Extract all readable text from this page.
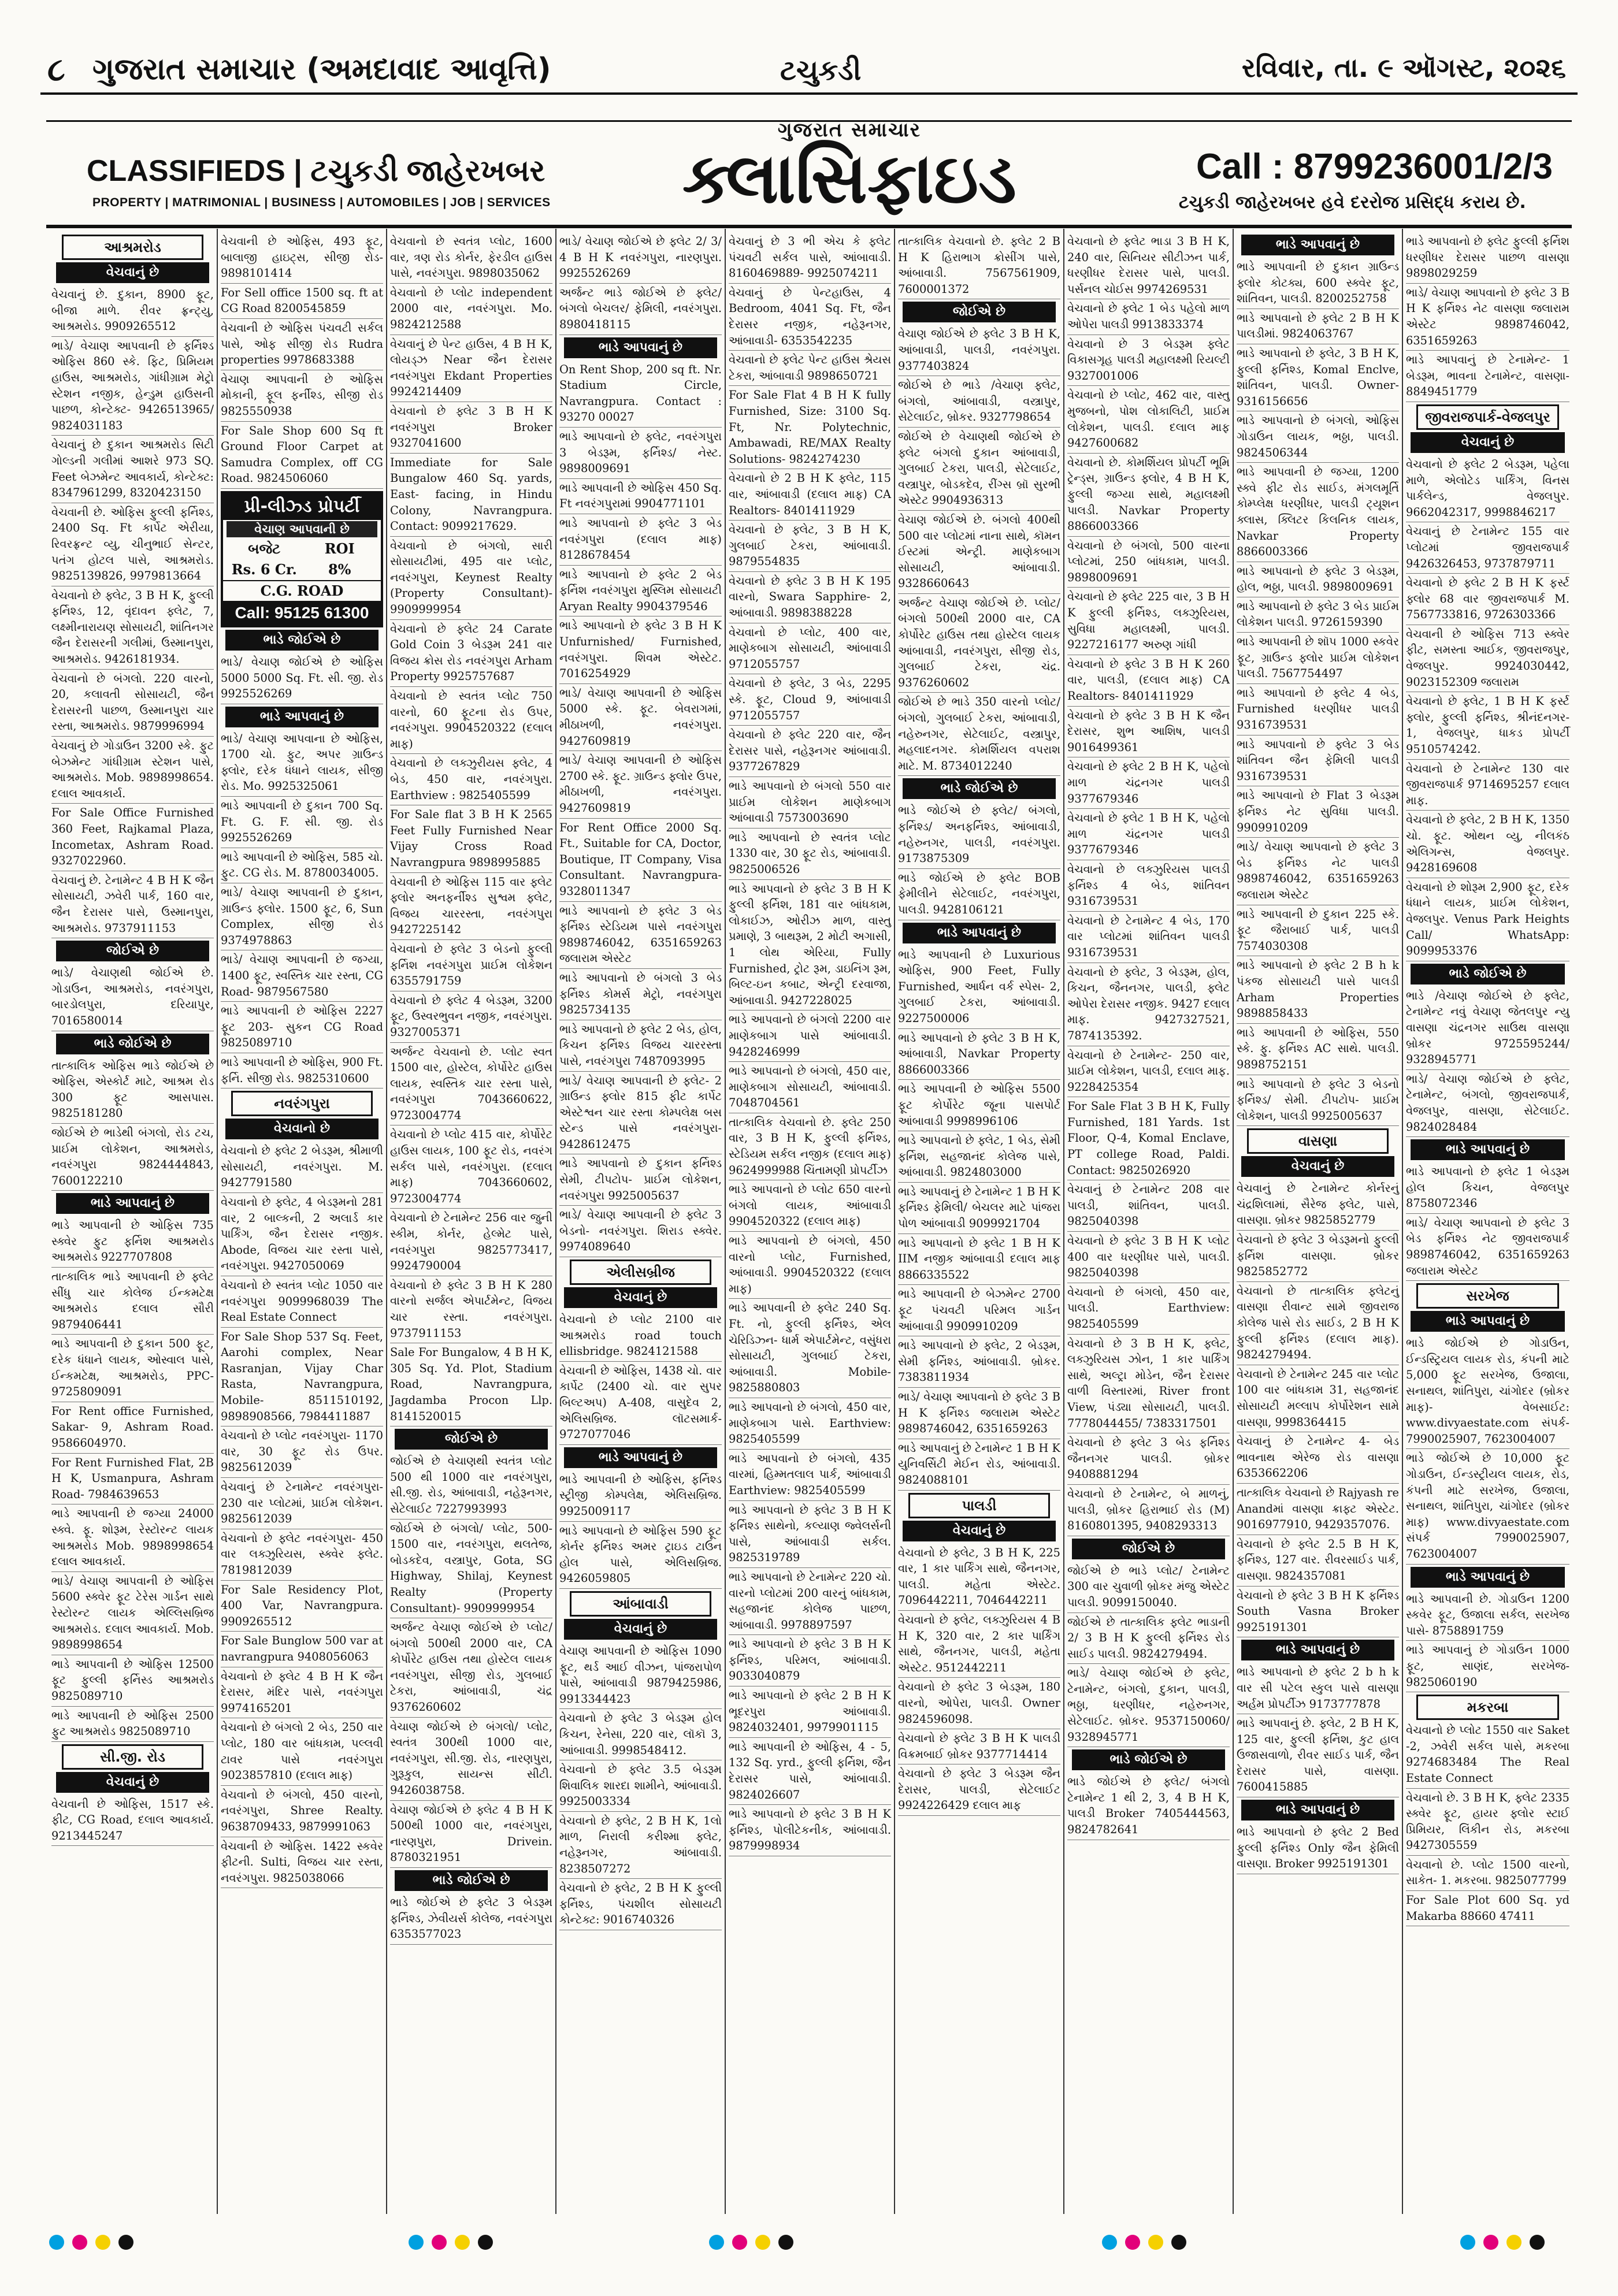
૮ ગુજરાત સમાચાર (અમદાવાદ આવૃત્તિ)	ટચુકડી	રવિવાર, તા. ૯ ઑગસ્ટ, ૨૦૨૬
CLASSIFIEDS | ટચુકડી જાહેરખબર
PROPERTY | MATRIMONIAL | BUSINESS | AUTOMOBILES | JOB | SERVICES
ગુજરાત સમાચાર
ક્લાસિફાઇડ	Call : 8799236001/2/3
ટચુકડી જાહેરખબર હવે દરરોજ પ્રસિદ્ધ કરાય છે.
આશ્રમરોડ
વેચવાનું છે
વેચવાનું છે. દુકાન, 8900 ફૂટ, બીજા માળે. રીવર ફ્રન્ટ્યુ, આશ્રમરોડ. 9909265512
ભાડે/ વેચાણ આપવાની છે ફર્નિશ્ડ ઓફિસ 860 સ્કે. ફિટ, પ્રિમિયમ હાઉસ, આશ્રમરોડ, ગાંધીગ્રામ મેટ્રો સ્ટેશન નજીક, હેન્ડુમ હાઉસની પાછળ, કોન્ટેક્ટ- 9426513965/ 9824031183
વેચવાનું છે દુકાન આશ્રમરોડ સિટી ગોલ્ડની ગલીમાં આશરે 973 SQ. Feet બેઝમેન્ટ આવકાર્ય, કોન્ટેક્ટ: 8347961299, 8320423150
વેચવાની છે. ઓફિસ ફુલ્લી ફર્નિશ્ડ, 2400 Sq. Ft કાર્પેટ એરીયા, રિવરફ્રન્ટ વ્યુ, ચીનુભાઈ સેન્ટર, પતંગ હોટલ પાસે, આશ્રમરોડ. 9825139826, 9979813664
વેચવાનો છે ફ્લેટ, 3 B H K, ફુલ્લી ફર્નિશ્ડ, 12, વૃંદાવન ફ્લેટ, 7, લક્ષ્મીનારાયણ સોસાયટી, શાંતિનગર જૈન દેરાસરની ગલીમાં, ઉસ્માનપુરા, આશ્રમરોડ. 9426181934.
વેચવાનો છે બંગલો. 220 વારનો, 20, કલાવતી સોસાયટી, જૈન દેરાસરની પાછળ, ઉસ્માનપુરા ચાર રસ્તા, આશ્રમરોડ. 9879996994
વેચવાનું છે ગોડાઉન 3200 સ્કે. ફુટ બેઝમેન્ટ ગાંધીગ્રામ સ્ટેશન પાસે, આશ્રમરોડ. Mob. 9898998654. દલાલ આવકાર્ય.
For Sale Office Furnished 360 Feet, Rajkamal Plaza, Incometax, Ashram Road. 9327022960.
વેચવાનું છે. ટેનામેન્ટ 4 B H K જૈન સોસાયટી, ઝવેરી પાર્ક, 160 વાર, જૈન દેરાસર પાસે, ઉસ્માનપુરા, આશ્રમરોડ. 9737911153
જોઈએ છે
ભાડે/ વેચાણથી જોઈએ છે. ગોડાઉન, આશ્રમરોડ, નવરંગપુરા, બારડોલપુરા, દરિયાપુર, 7016580014
ભાડે જોઈએ છે
તાત્કાલિક ઓફિસ ભાડે જોઈએ છે ઓફિસ, એસ્કોર્ટ માટે, આશ્રમ રોડ 300 ફૂટ આસપાસ. 9825181280
જોઈએ છે ભાડેથી બંગલો, રોડ ટચ, પ્રાઈમ લોકેશન, આશ્રમરોડ, નવરંગપુરા 9824444843, 7600122210
ભાડે આપવાનું છે
ભાડે આપવાની છે ઓફિસ 735 સ્ક્વેર ફુટ ફર્નિશ આશ્રમરોડ આશ્રમરોડ 9227707808
તાત્કાલિક ભાડે આપવાની છે ફ્લેટ સીંધુ ચાર કોલેજ ઈન્કમટેક્ષ આશ્રમરોડ દલાલ સૌરી 9879406441
ભાડે આપવાની છે દુકાન 500 ફૂટ, દરેક ધંધાને લાયક, ઓસ્વાલ પાસે, ઈન્કમટેક્ષ, આશ્રમરોડ, PPC- 9725809091
For Rent office Furnished, Sakar- 9, Ashram Road. 9586604970.
For Rent Furnished Flat, 2B H K, Usmanpura, Ashram Road- 7984639653
ભાડે આપવાની છે જગ્યા 24000 સ્ક્વે. ફૂ. શોરૂમ, રેસ્ટોરન્ટ લાયક આશ્રમરોડ Mob. 9898998654 દલાલ આવકાર્ય.
ભાડે/ વેચાણ આપવાની છે ઓફિસ 5600 સ્ક્વેર ફૂટ ટેરેસ ગાર્ડન સાથે રેસ્ટોરન્ટ લાયક એલ્લિસબ્રિજ આશ્રમરોડ. દલાલ આવકાર્ય. Mob. 9898998654
ભાડે આપવાની છે ઓફિસ 12500 ફૂટ ફુલ્લી ફર્નિસ્ડ આશ્રમરોડ 9825089710
ભાડે આપવાની છે ઓફિસ 2500 ફુટ આશ્રમરોડ 9825089710
સી.જી. રોડ
વેચવાનું છે
વેચવાની છે ઓફિસ, 1517 સ્કે. ફીટ, CG Road, દલાલ આવકાર્ય. 9213445247
વેચવાની છે ઓફિસ, 493 ફૂટ, બાલાજી હાઇટ્સ, સીજી રોડ- 9898101414
For Sell office 1500 sq. ft at CG Road 8200545859
વેચવાની છે ઓફિસ પંચવટી સર્કલ પાસે, ઓફ સીજી રોડ Rudra properties 9978683388
વેચાણ આપવાની છે ઓફિસ મોકાની, ફૂલ ફર્નીશ્ડ, સીજી રોડ 9825550938
For Sale Shop 600 Sq ft Ground Floor Carpet at Samudra Complex, off CG Road. 9824506060
પ્રી-લીઝ્ડ પ્રોપર્ટી
વેચાણ આપવાની છે
બજેટ	ROI
Rs. 6 Cr.	8%
C.G. ROAD
Call: 95125 61300
ભાડે જોઈએ છે
ભાડે/ વેચાણ જોઈએ છે ઓફિસ 5000 5000 Sq. Ft. સી. જી. રોડ 9925526269
ભાડે આપવાનું છે
ભાડે/ વેચાણ આપવાના છે ઓફિસ, 1700 ચો. ફુટ, અપર ગ્રાઉન્ડ ફ્લોર, દરેક ધંધાને લાયક, સીજી રોડ. Mo. 9925325061
ભાડે આપવાની છે દુકાન 700 Sq. Ft. G. F. સી. જી. રોડ 9925526269
ભાડે આપવાની છે ઓફિસ, 585 ચો. ફુટ. CG રોડ. M. 8780034005.
ભાડે/ વેચાણ આપવાની છે દુકાન, ગ્રાઉન્ડ ફ્લોર. 1500 ફૂટ, 6, Sun Complex, સીજી રોડ 9374978863
ભાડે/ વેચાણ આપવાની છે જગ્યા, 1400 ફૂટ, સ્વસ્તિક ચાર રસ્તા, CG Road- 9879567580
ભાડે આપવાની છે ઓફિસ 2227 ફૂટ 203- સુકન CG Road 9825089710
ભાડે આપવાની છે ઓફિસ, 900 Ft. ફર્નિ. સીજી રોડ. 9825310600
નવરંગપુરા
વેચવાનો છે
વેચવાનો છે ફ્લેટ 2 બેડરૂમ, શ્રીમાળી સોસાયટી, નવરંગપુરા. M. 9427791580
વેચવાનો છે ફ્લેટ, 4 બેડરૂમનો 281 વાર, 2 બાલ્કની, 2 અલાર્ડ કાર પાર્કિંગ, જૈન દેરાસર નજીક. Abode, વિજય ચાર રસ્તા પાસે, નવરંગપુરા. 9427050069
વેચવાનો છે સ્વતંત્ર પ્લોટ 1050 વાર નવરંગપુરા 9099968039 The Real Estate Connect
For Sale Shop 537 Sq. Feet, Aarohi complex, Near Rasranjan, Vijay Char Rasta, Navrangpura, Mobile- 8511510192, 9898908566, 7984411887
વેચવાનો છે પ્લોટ નવરંગપુરા- 1170 વાર, 30 ફૂટ રોડ ઉપર. 9825612039
વેચવાનું છે ટેનામેન્ટ નવરંગપુરા- 230 વાર પ્લોટમાં, પ્રાઈમ લોકેશન. 9825612039
વેચવાનો છે ફ્લેટ નવરંગપુરા- 450 વાર લક્ઝુરિયસ, સ્ક્વેર ફ્લેટ. 7819812039
For Sale Residency Plot, 400 Var, Navrangpura. 9909265512
For Sale Bunglow 500 var at navrangpura 9408056063
વેચવાનો છે ફ્લેટ 4 B H K જૈન દેરાસર, મંદિર પાસે, નવરંગપુરા 9974165201
વેચવાનો છે બંગલો 2 બેડ, 250 વાર પ્લોટ, 180 વાર બાંધકામ, પલ્લવી ટાવર પાસે નવરંગપુરા 9023857810 (દલાલ માફ)
વેચવાનો છે બંગલો, 450 વારનો, નવરંગપુરા, Shree Realty. 9638709433, 9879991063
વેચવાની છે ઓફિસ. 1422 સ્કવેર ફીટની. Sulti, વિજય ચાર રસ્તા, નવરંગપુરા. 9825038066
વેચવાનો છે સ્વતંત્ર પ્લોટ, 1600 વાર, ત્રણ રોડ કોર્નર, ફેરડીલ હાઉસ પાસે, નવરંગપુરા. 9898035062
વેચવાનો છે પ્લોટ independent 2000 વાર, નવરંગપુરા. Mo. 9824212588
વેચવાનું છે પેન્ટ હાઉસ, 4 B H K, લોયડ્ઝ Near જૈન દેરાસર નવરંગપુરા Ekdant Properties 9924214409
વેચવાનો છે ફ્લેટ 3 B H K નવરંગપુરા Broker 9327041600
Immediate for Sale Bungalow 460 Sq. yards, East- facing, in Hindu Colony, Navrangpura. Contact: 9099217629.
વેચવાનો છે બંગલો, સારી સોસાયટીમાં, 495 વાર પ્લોટ, નવરંગપુરા, Keynest Realty (Property Consultant)- 9909999954
વેચવાનો છે ફ્લેટ 24 Carate Gold Coin 3 બેડરૂમ 241 વાર વિજય ક્રોસ રોડ નવરંગપુરા Arham Property 9925757687
વેચવાનો છે સ્વતંત્ર પ્લોટ 750 વારનો, 60 ફૂટના રોડ ઉપર, નવરંગપુરા. 9904520322 (દલાલ માફ)
વેચવાનો છે લક્ઝુરીયસ ફ્લેટ, 4 બેડ, 450 વાર, નવરંગપુરા. Earthview : 9825405599
For Sale flat 3 B H K 2565 Feet Fully Furnished Near Vijay Cross Road Navrangpura 9898995885
વેચવાની છે ઓફિસ 115 વાર ફ્લેટ ફ્લોર અનફર્નીશ્ડ સુશ્વમ ફ્લેટ, વિજય ચારરસ્તા, નવરંગપુરા 9427225142
વેચવાનો છે ફ્લેટ 3 બેડનો ફુલ્લી ફર્નિશ નવરંગપુરા પ્રાઈમ લોકેશન 6355791759
વેચવાનો છે ફ્લેટ 4 બેડરૂમ, 3200 ફૂટ, ઉસ્વરભુવન નજીક, નવરંગપુરા. 9327005371
અર્જન્ટ વેચવાનો છે. પ્લોટ સ્વત 1500 વાર, હોસ્ટેલ, કોર્પોરેટ હાઉસ લાયક, સ્વસ્તિક ચાર રસ્તા પાસે, નવરંગપુરા 7043660622, 9723004774
વેચવાનો છે પ્લોટ 415 વાર, કોર્પોરેટ હાઉસ લાયક, 100 ફૂટ રોડ, નવરંગ સર્કલ પાસે, નવરંગપુરા. (દલાલ માફ) 7043660602, 9723004774
વેચવાનો છે ટેનામેન્ટ 256 વાર જુની સ્કીમ, કોર્નર, હેલ્મેટ પાસે, નવરંગપુરા 9825773417, 9924790004
વેચવાનો છે ફ્લેટ 3 B H K 280 વારનો સર્જલ એપાર્ટમેન્ટ, વિજય ચાર રસ્તા. નવરંગપુરા. 9737911153
Sale For Bungalow, 4 B H K, 305 Sq. Yd. Plot, Stadium Road, Navrangpura, Jagdamba Procon Llp. 8141520015
જોઈએ છે
જોઈએ છે વેચાણથી સ્વતંત્ર પ્લોટ 500 થી 1000 વાર નવરંગપુરા, સી.જી. રોડ, આંબાવાડી, નહેરૂનગર, સેટેલાઈટ 7227993993
જોઈએ છે બંગલો/ પ્લોટ, 500- 1500 વાર, નવરંગપુરા, થલતેજ, બોડકદેવ, વસ્ત્રાપુર, Gota, SG Highway, Shilaj, Keynest Realty (Property Consultant)- 9909999954
અર્જન્ટ વેચાણ જોઈએ છે પ્લોટ/ બંગલો 500થી 2000 વાર, CA કોર્પોરેટ હાઉસ તથા હોસ્ટેલ લાયક નવરંગપુરા, સીજી રોડ, ગુલબાઈ ટેકરા, આંબાવાડી, ચંદ્ર 9376260602
વેચાણ જોઈએ છે બંગલો/ પ્લોટ, સ્વતંત્ર 300થી 1000 વાર, નવરંગપુરા, સી.જી. રોડ, નારણપુરા, ગુરૂકુલ, સાયન્સ સીટી. 9426038758.
વેચાણ જોઈએ છે ફ્લેટ 4 B H K 500થી 1000 વાર, નવરંગપુરા, નારણપુરા, Drivein. 8780321951
ભાડે જોઈએ છે
ભાડે જોઈએ છે ફ્લેટ 3 બેડરૂમ ફર્નિશ્ડ, ઝેવીયર્સ કોલેજ, નવરંગપુરા 6353577023
ભાડે/ વેચાણ જોઈએ છે ફ્લેટ 2/ 3/ 4 B H K નવરંગપુરા, નારણપુરા. 9925526269
અર્જન્ટ ભાડે જોઈએ છે ફ્લેટ/ બંગલો બેચલર/ ફેમિલી, નવરંગપુરા. 8980418115
ભાડે આપવાનું છે
On Rent Shop, 200 sq ft. Nr. Stadium Circle, Navrangpura. Contact : 93270 00027
ભાડે આપવાનો છે ફ્લેટ, નવરંગપુરા 3 બેડરૂમ, ફર્નિશ્ડ/ નેસ્ટ. 9898009691
ભાડે આપવાની છે ઓફિસ 450 Sq. Ft નવરંગપુરામાં 9904771101
ભાડે આપવાનો છે ફ્લેટ 3 બેડ નવરંગપુરા (દલાલ માફ) 8128678454
ભાડે આપવાનો છે ફ્લેટ 2 બેડ ફર્નિશ નવરંગપુરા મુસ્લિમ સોસાયટી Aryan Realty 9904379546
ભાડે આપવાનો છે ફ્લેટ 3 B H K Unfurnished/ Furnished, નવરંગપુરા. શિવમ એસ્ટેટ. 7016254929
ભાડે/ વેચાણ આપવાની છે ઓફિસ 5000 સ્કે. ફૂટ. બેવરાગમાં, મીઠાખળી, નવરંગપુરા. 9427609819
ભાડે/ વેચાણ આપવાની છે ઓફિસ 2700 સ્કે. ફૂટ. ગ્રાઉન્ડ ફ્લોર ઉપર, મીઠાખળી, નવરંગપુરા. 9427609819
For Rent Office 2000 Sq. Ft., Suitable for CA, Doctor, Boutique, IT Company, Visa Consultant. Navrangpura- 9328011347
ભાડે આપવાનો છે ફ્લેટ 3 બેડ ફર્નિશ્ડ સ્ટેડિયમ પાસે નવરંગપુરા 9898746042, 6351659263 જલારામ એસ્ટેટ
ભાડે આપવાનો છે બંગલો 3 બેડ ફર્નિશ્ડ કોમર્સ મેટ્રો, નવરંગપુરા 9825734135
ભાડે આપવાનો છે ફ્લેટ 2 બેડ, હોલ, કિચન ફર્નિશ્ડ વિજય ચારરસ્તા પાસે, નવરંગપુરા 7487093995
ભાડે/ વેચાણ આપવાની છે ફ્લેટ- 2 ગ્રાઉન્ડ ફ્લોર 815 ફીટ કાર્પેટ એસ્ટેશ્વન ચાર રસ્તા કોમ્પલેક્ષ બસ સ્ટેન્ડ પાસે નવરંગપુરા- 9428612475
ભાડે આપવાનો છે દુકાન ફર્નિશ્ડ સેમી, ટીપટોપ- પ્રાઈમ લોકેશન, નવરંગપુરા 9925005637
ભાડે/ વેચાણ આપવાની છે ફ્લેટ 3 બેડનો- નવરંગપુરા. શિરાડ સ્ક્વેર. 9974089640
એલીસબ્રીજ
વેચવાનું છે
વેચવાનો છે પ્લોટ 2100 વાર આશ્રમરોડ road touch ellisbridge. 9824121588
વેચવાની છે ઓફિસ, 1438 ચો. વાર કાર્પેટ (2400 ચો. વાર સુપર બિલ્ટઅપ) A-408, વાસુદેવ 2, એલિસબ્રિજ. લૉટસમાર્ક- 9727077046
ભાડે આપવાનું છે
ભાડે આપવાની છે ઓફિસ, ફર્નિશ્ડ સ્ટ્રીજી કોમ્પલેક્ષ, એલિસબ્રિજ. 9925009117
ભાડે આપવાનો છે ઓફિસ 590 ફૂટ કોર્નર ફર્નિશ્ડ અમર ટ્રાઇડ ટાઉન હોલ પાસે, એલિસબ્રિજ. 9426059805
આંબાવાડી
વેચવાનું છે
વેચાણ આપવાની છે ઓફિસ 1090 ફૂટ, થર્ડ આઈ વીઝન, પાંજરાપોળ પાસે, આંબાવાડી 9879425986, 9913344423
વેચવાનો છે ફ્લેટ 3 બેડરૂમ હોલ કિચન, રેનેસા, 220 વાર, લૉકૉ 3, આંબાવાડી. 9998548412.
વેચવાનો છે ફ્લેટ 3.5 બેડરૂમ શિવાલિક શારદા શામીને, આંબાવાડી. 9925003334
વેચવાનો છે ફ્લેટ, 2 B H K, 1લો માળ, નિરાલી કરીશ્મા ફ્લેટ, નહેરૂનગર, આંબાવાડી. 8238507272
વેચવાનો છે ફ્લેટ, 2 B H K ફુલ્લી ફર્નિશ્ડ, પંચશીલ સોસાયટી કોન્ટેક્ટ: 9016740326
વેચવાનું છે 3 ભી એચ કે ફ્લેટ પંચવટી સર્કલ પાસે, આંબાવાડી. 8160469889- 9925074211
વેચવાનું છે પેન્ટહાઉસ, 4 Bedroom, 4041 Sq. Ft, જૈન દેરાસર નજીક, નહેરૂનગર, આંબાવાડી- 6353542235
વેચવાનો છે ફ્લેટ પેન્ટ હાઉસ શ્રેયસ ટેકરા, આંબાવાડી 9898650721
For Sale Flat 4 B H K fully Furnished, Size: 3100 Sq. Ft, Nr. Polytechnic, Ambawadi, RE/MAX Realty Solutions- 9824274230
વેચવાનો છે 2 B H K ફ્લેટ, 115 વાર, આંબાવાડી (દલાલ માફ) CA Realtors- 8401411929
વેચવાનો છે ફ્લેટ, 3 B H K, ગુલબાઈ ટેકરા, આંબાવાડી. 9879554835
વેચવાનો છે ફ્લેટ 3 B H K 195 વારનો, Swara Sapphire- 2, આંબાવાડી. 9898388228
વેચવાનો છે પ્લોટ, 400 વાર, માણેકબાગ સોસાયટી, આંબાવાડી 9712055757
વેચવાનો છે ફ્લેટ, 3 બેડ, 2295 સ્કે. ફૂટ, Cloud 9, આંબાવાડી 9712055757
વેચવાનો છે ફ્લેટ 220 વાર, જૈન દેરાસર પાસે, નહેરૂનગર આંબાવાડી. 9377267829
ભાડે આપવાનો છે બંગલો 550 વાર પ્રાઈમ લોકેશન માણેકબાગ આંબાવાડી 7573003690
ભાડે આપવાનો છે સ્વતંત્ર પ્લોટ 1330 વાર, 30 ફૂટ રોડ, આંબાવાડી. 9825006526
ભાડે આપવાનો છે ફ્લેટ 3 B H K ફુલ્લી ફર્નિશ, 181 વાર બાંધકામ, લોકાઈઝ, ઓરીઝ માળ, વાસ્તુ પ્રમાણે, 3 બાથરૂમ, 2 મોટી અગાસી, 1 લોથ એરિયા, Fully Furnished, ટ્રોટ રૂમ, ડાઇનિંગ રૂમ, બિલ્ટ-ઇન કબાટ, એન્ટ્રી દરવાજા, આંબાવાડી. 9427228025
ભાડે આપવાનો છે બંગલો 2200 વાર માણેકબાગ પાસે આંબાવાડી. 9428246999
ભાડે આપવાનો છે બંગલો, 450 વાર, માણેકબાગ સોસાયટી, આંબાવાડી. 7048704561
તાત્કાલિક વેચવાનો છે. ફ્લેટ 250 વાર, 3 B H K, ફુલ્લી ફર્નિશ્ડ, સ્ટેડિયમ સર્કલ નજીક (દલાલ માફ) 9624999988 ચિંતામણી પ્રોપર્ટીઝ
ભાડે આપવાનો છે પ્લોટ 650 વારનો બંગલો લાયક, આંબાવાડી 9904520322 (દલાલ માફ)
ભાડે આપવાનો છે બંગલો, 450 વારનો પ્લોટ, Furnished, આંબાવાડી. 9904520322 (દલાલ માફ)
ભાડે આપવાની છે ફ્લેટ 240 Sq. Ft. નો, ફુલ્લી ફર્નિશ્ડ, એલ ચેરિડિઝ્ન- ધાર્મ એપાર્ટમેન્ટ, વસુંધરા સોસાયટી, ગુલબાઈ ટેકરા, આંબાવાડી. Mobile- 9825880803
ભાડે આપવાનો છે બંગલો, 450 વાર, માણેકબાગ પાસે. Earthview: 9825405599
ભાડે આપવાનો છે બંગલો, 435 વારમાં, હિમ્મતલાલ પાર્ક, આંબાવાડી Earthview: 9825405599
ભાડે આપવાનો છે ફ્લેટ 3 B H K ફર્નિશ્ડ સાથેનો, કલ્યાણ જ્વેલર્સની પાસે, આંબાવાડી સર્કલ. 9825319789
ભાડે આપવાનો છે ટેનામેન્ટ 220 ચો. વારનો પ્લોટમાં 200 વારનું બાંધકામ, સહજાનંદ કોલેજ પાછળ, આંબાવાડી. 9978897597
ભાડે આપવાનો છે ફ્લેટ 3 B H K ફર્નિશ્ડ, પરિમલ, આંબાવાડી. 9033040879
ભાડે આપવાનો છે ફ્લેટ 2 B H K ભૂદરપુરા આંબાવાડી. 9824032401, 9979901115
ભાડે આપવાની છે ઓફિસ, 4 - 5, 132 Sq. yrd., ફુલ્લી ફર્નિશ, જૈન દેરાસર પાસે, આંબાવાડી. 9824026607
ભાડે આપવાનો છે ફ્લેટ 3 B H K ફર્નિશ્ડ, પોલીટેકનીક, આંબાવાડી. 9879998934
તાત્કાલિક વેચવાનો છે. ફ્લેટ 2 B H K હિરાભાગ ક્રોસીંગ પાસે, આંબાવાડી. 7567561909, 7600001372
જોઈએ છે
વેચાણ જોઈએ છે ફ્લેટ 3 B H K, આંબાવાડી, પાલડી, નવરંગપુરા. 9377403824
જોઈએ છે ભાડે /વેચાણ ફ્લેટ, બંગલો, આંબાવાડી, વસ્ત્રાપુર, સેટેલાઈટ, બ્રોકર. 9327798654
જોઈએ છે વેચાણથી જોઈએ છે ફ્લેટ બંગલો દુકાન આંબાવાડી, ગુલબાઈ ટેકરા, પાલડી, સેટેલાઈટ, વસ્ત્રાપુર, બોડકદેવ, રીંગ્સ બ્રૉ સુરભી એસ્ટેટ 9904936313
વેચાણ જોઈએ છે. બંગલો 400થી 500 વાર પ્લોટમાં નાના સાથે, કૉમન ઈસ્ટમાં એન્ટ્રી. માણેકબાગ સોસાયટી, આંબાવાડી. 9328660643
અર્જન્ટ વેચાણ જોઈએ છે. પ્લોટ/ બંગલો 500થી 2000 વાર, CA કોર્પોરેટ હાઉસ તથા હોસ્ટેલ લાયક આંબાવાડી, નવરંગપુરા, સીજી રોડ, ગુલબાઈ ટેકરા, ચંદ્ર. 9376260602
જોઈએ છે ભાડે 350 વારનો પ્લોટ/ બંગલો, ગુલબાઈ ટેકરા, આંબાવાડી, નહેરુનગર, સેટેલાઈટ, વસ્ત્રાપુર, મહલાદનગર. કોમર્શિયલ વપરાશ માટે. M. 8734012240
ભાડે જોઈએ છે
ભાડે જોઈએ છે ફ્લેટ/ બંગલો, ફર્નિશ્ડ/ અનફર્નિશ્ડ, આંબાવાડી, નહેરુનગર, પાલડી, નવરંગપુરા. 9173875309
ભાડે જોઈએ છે ફ્લેટ BOB ફેમીલીને સેટેલાઈટ, નવરંગપુરા, પાલડી. 9428106121
ભાડે આપવાનું છે
ભાડે આપવાની છે Luxurious ઓફિસ, 900 Feet, Fully Furnished, આર્ધન વર્ક સ્પેસ- 2, ગુલબાઈ ટેકરા, આંબાવાડી. 9227500006
ભાડે આપવાનો છે ફ્લેટ 3 B H K, આંબાવાડી, Navkar Property 8866003366
ભાડે આપવાની છે ઓફિસ 5500 ફૂટ કોર્પોરેટ જૂના પાસપોર્ટ આંબાવાડી 9998996106
ભાડે આપવાનો છે ફ્લેટ, 1 બેડ, સેમી ફર્નિશ, સહજાનંદ કોલેજ પાસે, આંબાવાડી. 9824803000
ભાડે આપવાનું છે ટેનામેન્ટ 1 B H K ફર્નિશ્ડ ફેમિલી/ બેચલર માટે પાંજરા પોળ આંબાવાડી 9099921704
ભાડે આપવાનો છે ફ્લેટ 1 B H K IIM નજીક આંબાવાડી દલાલ માફ 8866335522
ભાડે આપવાની છે બેઝમેન્ટ 2700 ફૂટ પંચવટી પરિમલ ગાર્ડન આંબાવાડી 9909910209
ભાડે આપવાનો છે ફ્લેટ, 2 બેડરૂમ, સેમી ફર્નિશ્ડ, આંબાવાડી. બ્રોકર. 7383811934
ભાડે/ વેચાણ આપવાનો છે ફ્લેટ 3 B H K ફર્નિશ્ડ જલારામ એસ્ટેટ 9898746042, 6351659263
ભાડે આપવાનું છે ટેનામેન્ટ 1 B H K યુનિવર્સિટી મેઈન રોડ, આંબાવાડી. 9824088101
પાલડી
વેચવાનું છે
વેચવાનો છે ફ્લેટ, 3 B H K, 225 વાર, 1 કાર પાર્કિંગ સાથે, જૈનનગર, પાલડી. મહેતા એસ્ટેટ. 7096442211, 7046442211
વેચવાનો છે ફ્લેટ, લક્ઝુરિયસ 4 B H K, 320 વાર, 2 કાર પાર્કિંગ સાથે, જૈનનગર, પાલડી, મહેતા એસ્ટેટ. 9512442211
વેચવાનો છે ફ્લેટ 3 બેડરૂમ, 180 વારનો, ઓપેરા, પાલડી. Owner 9824596098.
વેચવાનો છે ફ્લેટ 3 B H K પાલડી વિક્રમબાઈ બ્રોકર 9377714414
વેચવાનો છે ફ્લેટ 3 બેડરૂમ જૈન દેરાસર, પાલડી, સેટેલાઈટ 9924226429 દલાલ માફ
વેચવાનો છે ફ્લેટ ભાડા 3 B H K, 240 વાર, સિનિયર સીટીઝન પાર્ક, ધરણીધર દેરાસર પાસે, પાલડી. પર્સનલ ચોઈસ 9974269531
વેચવાનો છે ફ્લેટ 1 બેડ પહેલો માળ ઓપેરા પાલડી 9913833374
વેચવાનો છે 3 બેડરૂમ ફ્લેટ વિકાસગૃહ પાલડી મહાલક્ષ્મી રિયલ્ટી 9327001006
વેચવાનો છે પ્લોટ, 462 વાર, વાસ્તુ મુજબનો, પોશ લોકાલિટી, પ્રાઈમ લોકેશન, પાલડી. દલાલ માફ 9427600682
વેચવાનો છે. કોમર્શિયલ પ્રોપર્ટી ભૂમિ ટ્રેન્ડ્સ, ગ્રાઉન્ડ ફ્લોર, 4 B H K, ફુલ્લી જગ્યા સાથે, મહાલક્ષ્મી પાલડી. Navkar Property 8866003366
વેચવાનો છે બંગલો, 500 વારના પ્લોટમાં, 250 બાંધકામ, પાલડી. 9898009691
વેચવાનો છે ફ્લેટ 225 વાર, 3 B H K ફુલ્લી ફર્નિશ્ડ, લક્ઝુરિયસ, સુવિધા મહાલક્ષ્મી, પાલડી. 9227216177 અરુણ ગાંધી
વેચવાનો છે ફ્લેટ 3 B H K 260 વાર, પાલડી, (દલાલ માફ) CA Realtors- 8401411929
વેચવાનો છે ફ્લેટ 3 B H K જૈન દેરાસર, શુભ આશિષ, પાલડી 9016499361
વેચવાનો છે ફ્લેટ 2 B H K, પહેલો માળ ચંદ્રનગર પાલડી 9377679346
વેચવાનો છે ફ્લેટ 1 B H K, પહેલો માળ ચંદ્રનગર પાલડી 9377679346
વેચવાનો છે લક્ઝુરિયસ પાલડી ફર્નિશ્ડ 4 બેડ, શાંતિવન 9316739531
વેચવાનો છે ટેનામેન્ટ 4 બેડ, 170 વાર પ્લોટમાં શાંતિવન પાલડી 9316739531
વેચવાનો છે ફ્લેટ, 3 બેડરૂમ, હોલ, કિચન, જૈનનગર, પાલડી, ફ્લેટ ઓપેરા દેરાસર નજીક. 9427 દલાલ માફ. 9427327521, 7874135392.
વેચવાનો છે ટેનામેન્ટ- 250 વાર, પ્રાઈમ લોકેશન, પાલડી, દલાલ માફ. 9228425354
For Sale Flat 3 B H K, Fully Furnished, 181 Yards. 1st Floor, Q-4, Komal Enclave, PT college Road, Paldi. Contact: 9825026920
વેચવાનું છે ટેનામેન્ટ 208 વાર પાલડી, શાંતિવન, પાલડી. 9825040398
વેચવાનો છે ફ્લેટ 3 B H K પ્લોટ 400 વાર ધરણીધર પાસે, પાલડી. 9825040398
વેચવાનો છે બંગલો, 450 વાર, પાલડી. Earthview: 9825405599
વેચવાનો છે 3 B H K, ફ્લેટ, લક્ઝુરિયસ ઝોન, 1 કાર પાર્કિંગ સાથે, અલ્ટ્રા મોડેન, જૈન દેરાસર વાળી વિસ્તારમાં, River front View, પંડ્યા સોસાયટી, પાલડી. 7778044455/ 7383317501
વેચવાનો છે ફ્લેટ 3 બેડ ફર્નિશ્ડ જૈનનગર પાલડી. બ્રોકર 9408881294
વેચવાનો છે ટેનામેન્ટ, બે માળનું, પાલડી, બ્રોકર હિરાભાઈ રોડ (M) 8160801395, 9408293313
જોઈએ છે
જોઈએ છે ભાડે પ્લોટ/ ટેનામેન્ટ 300 વાર ચુવાળી બ્રોકર મંજુ એસ્ટેટ પાલડી. 9099150040.
જોઈએ છે તાત્કાલિક ફ્લેટ ભાડાની 2/ 3 B H K ફુલ્લી ફર્નિશ્ડ રોડ સાઈડ પાલડી. 9824279494.
ભાડે/ વેચાણ જોઈએ છે ફ્લેટ, ટેનામેન્ટ, બંગલો, દુકાન, પાલડી, ભઠ્ઠા, ધરણીધર, નહેરુનગર, સેટેલાઈટ. બ્રોકર. 9537150060/ 9328945771
ભાડે જોઈએ છે
ભાડે જોઈએ છે ફ્લેટ/ બંગલો ટેનામેન્ટ 1 થી 2, 3, 4 B H K, પાલડી Broker 7405444563, 9824782641
ભાડે આપવાનું છે
ભાડે આપવાની છે દુકાન ગ્રાઉન્ડ ફ્લોર કોટક્ય, 600 સ્ક્વેર ફૂટ, શાંતિવન, પાલડી. 8200252758
ભાડે આપવાનો છે ફ્લેટ 2 B H K પાલડીમાં. 9824063767
ભાડે આપવાનો છે ફ્લેટ, 3 B H K, ફુલ્લી ફર્નિશ્ડ, Komal Enclve, શાંતિવન, પાલડી. Owner- 9316156656
ભાડે આપવાનો છે બંગલો, ઓફિસ ગોડાઉન લાયક, ભઠ્ઠા, પાલડી. 9824506344
ભાડે આપવાની છે જગ્યા, 1200 સ્ક્વે ફીટ રોડ સાઈડ, મંગલમૂર્તિ કોમ્પ્લેક્ષ ધરણીધર, પાલડી ટ્યૂશન ક્લાસ, ક્લિટર કિલનિક લાયક, Navkar Property 8866003366
ભાડે આપવાનો છે ફ્લેટ 3 બેડરૂમ, હોલ, ભઠ્ઠા, પાલડી. 9898009691
ભાડે આપવાનો છે ફ્લેટ 3 બેડ પ્રાઈમ લોકેશન પાલડી. 9726159390
ભાડે આપવાની છે શૉપ 1000 સ્કવેર ફૂટ, ગ્રાઉન્ડ ફ્લોર પ્રાઈમ લોકેશન પાલડી. 7567754497
ભાડે આપવાનો છે ફ્લેટ 4 બેડ, Furnished ધરણીધર પાલડી 9316739531
ભાડે આપવાનો છે ફ્લેટ 3 બેડ શાંતિવન જૈન ફેમિલી પાલડી 9316739531
ભાડે આપવાનો છે Flat 3 બેડરૂમ ફર્નિશ્ડ નેટ સુવિધા પાલડી. 9909910209
ભાડે/ વેચાણ આપવાનો છે ફ્લેટ 3 બેડ ફર્નિશ્ડ નેટ પાલડી 9898746042, 6351659263 જલારામ એસ્ટેટ
ભાડે આપવાની છે દુકાન 225 સ્કે. ફૂટ જૈરાબાઈ પાર્ક, પાલડી 7574030308
ભાડે આપવાનો છે ફ્લેટ 2 B h k પંકજ સોસાયટી પાસે પાલડી Arham Properties 9898858433
ભાડે આપવાની છે ઓફિસ, 550 સ્કે. ફુ. ફર્નિશ્ડ AC સાથે. પાલડી. 9898752151
ભાડે આપવાનો છે ફ્લેટ 3 બેડનો ફર્નિશ્ડ/ સેમી. ટીપટોપ- પ્રાઈમ લોકેશન, પાલડી 9925005637
વાસણા
વેચવાનું છે
વેચવાનું છે ટેનામેન્ટ કોર્નરનું ચંદ્રશિલામાં, સૈરેજ ફ્લેટ, પાસે, વાસણા. બ્રોકર 9825852779
વેચવાનો છે ફ્લેટ 3 બેડરૂમનો ફુલ્લી ફર્નિશ વાસણા. બ્રોકર 9825852772
વેચવાનો છે તાત્કાલિક ફ્લેટનું વાસણા રીવાન્ટ સામે જીવરાજ કોલેજ પાસે રોડ સાઈડ, 2 B H K ફુલ્લી ફર્નિશ્ડ (દલાલ માફ). 9824279494.
વેચવાનો છે ટેનામેન્ટ 245 વાર પ્લોટ 100 વાર બાંધકામ 31, સહજાનંદ સોસાયટી મલ્લાપ કોર્પોરેશન સામે વાસણા, 9998364415
વેચવાનું છે ટેનામેન્ટ 4- બેડ ભાવનાથ એરેજ રોડ વાસણા 6353662206
તાત્કાલિક વેચવાનો છે Rajyash re Anandમાં વાસણા ક્રાફ્ટ એસ્ટેટ. 9016977910, 9429357076.
વેચવાનો છે ફ્લેટ 2.5 B H K, ફર્નિશ્ડ, 127 વાર. રીવરસાઈડ પાર્ક, વાસણા. 9824357081
વેચવાનો છે ફ્લેટ 3 B H K ફર્નિશ્ડ South Vasna Broker 9925191301
ભાડે આપવાનું છે
ભાડે આપવાનો છે ફ્લેટ 2 b h k વાર સી પટેલ સ્કુલ પાસે વાસણા અર્હમ પ્રોપર્ટીઝ 9173777878
ભાડે આપવાનું છે. ફ્લેટ, 2 B H K, 125 વાર, ફુલ્લી ફર્નિશ, કુટ હાલ ઉજાસવાળો, રીવર સાઈડ પાર્ક, જૈન દેરાસર પાસે, વાસણા. 7600415885
ભાડે આપવાનું છે
ભાડે આપવાનો છે ફ્લેટ 2 Bed ફુલ્લી ફર્નિશ્ડ Only જૈન ફેમિલી વાસણા. Broker 9925191301
ભાડે આપવાનો છે ફ્લેટ ફુલ્લી ફર્નિશ ધરણીધર દેરાસર પાછળ વાસણા 9898029259
ભાડે/ વેચાણ આપવાનો છે ફ્લેટ 3 B H K ફર્નિશ્ડ નેટ વાસણા જલારામ એસ્ટેટ 9898746042, 6351659263
ભાડે આપવાનું છે ટેનામેન્ટ- 1 બેડરૂમ, ભાવના ટેનામેન્ટ, વાસણા- 8849451779
જીવરાજપાર્ક-વેજલપુર
વેચવાનું છે
વેચવાનો છે ફ્લેટ 2 બેડરૂમ, પહેલા માળે, એલોટેડ પાર્કિંગ, વિનસ પાર્કલેન્ડ, વેજલપુર. 9662042317, 9998846217
વેચવાનું છે ટેનામેન્ટ 155 વાર પ્લોટમાં જીવરાજપાર્ક 9426326453, 9737879711
વેચવાનો છે ફ્લેટ 2 B H K ફર્સ્ટ ફ્લોર 68 વાર જીવરાજપાર્ક M. 7567733816, 9726303366
વેચવાની છે ઓફિસ 713 સ્ક્વેર ફીટ, સમસ્તા આઈક, જીવરાજપુર, વેજલપુર. 9924030442, 9023152309 જલારામ
વેચવાનો છે ફ્લેટ, 1 B H K ફર્સ્ટ ફ્લોર, ફુલ્લી ફર્નિશ્ડ, શ્રીનંદનગર- 1, વેજલપુર, ધાકડ પ્રોપર્ટી 9510574242.
વેચવાનો છે ટેનામેન્ટ 130 વાર જીવરાજપાર્ક 9714695257 દલાલ માફ.
વેચવાનો છે ફ્લેટ, 2 B H K, 1350 ચો. ફૂટ. ઓથન વ્યુ, નીલકંઠ એલિગન્સ, વેજલપુર. 9428169608
વેચવાનો છે શોરૂમ 2,900 ફૂટ, દરેક ધંધાને લાયક, પ્રાઈમ લોકેશન, વેજલપુર. Venus Park Heights Call/ WhatsApp: 9099953376
ભાડે જોઈએ છે
ભાડે /વેચાણ જોઈએ છે ફ્લેટ, ટેનામેન્ટ નવું વેચાણ જેતલપુર ન્યુ વાસણા ચંદ્રનગર સાઉથ વાસણા બ્રોકર 9725595244/ 9328945771
ભાડે/ વેચાણ જોઈએ છે ફ્લેટ, ટેનામેન્ટ, બંગલો, જીવરાજપાર્ક, વેજલપુર, વાસણા, સેટેલાઈટ. 9824028484
ભાડે આપવાનું છે
ભાડે આપવાનો છે ફ્લેટ 1 બેડરૂમ હોલ કિચન, વેજલપુર 8758072346
ભાડે/ વેચાણ આપવાનો છે ફ્લેટ 3 બેડ ફર્નિશ્ડ નેટ જીવરાજપાર્ક 9898746042, 6351659263 જલારામ એસ્ટેટ
સરખેજ
ભાડે આપવાનું છે
ભાડે જોઈએ છે ગોડાઉન, ઈન્ડસ્ટ્રિયલ લાયક રોડ, કંપની માટે 5,000 ફૂટ સરખેજ, ઉજાલા, સનાથલ, શાંતિપુરા, ચાંગોદર (બ્રોકર માફ)- વેબસાઈટ: www.divyaestate.com સંપર્ક- 7990025907, 7623004007
ભાડે જોઈએ છે 10,000 ફૂટ ગોડાઉન, ઈન્ડસ્ટ્રીયલ લાયક, રોડ, કંપની માટે સરખેજ, ઉજાલા, સનાથલ, શાંતિપુરા, ચાંગોદર (બ્રોકર માફ) www.divyaestate.com સંપર્ક 7990025907, 7623004007
ભાડે આપવાનું છે
ભાડે આપવાની છે. ગોડાઉન 1200 સ્કવેર ફૂટ, ઉજાલા સર્કલ, સરખેજ પાસે- 8758891759
ભાડે આપવાનું છે ગોડાઉન 1000 ફૂટ, સાણંદ, સરખેજ- 9825060190
મકરબા
વેચવાનો છે પ્લોટ 1550 વાર Saket -2, ઝવેરી સર્કલ પાસે, મકરબા 9274683484 The Real Estate Connect
વેચવાનો છે. 3 B H K, ફ્લેટ 2335 સ્ક્વેર ફૂટ, હાયર ફ્લોર સ્ટાઈ પ્રિમિયર, લિંકીન રોડ, મકરબા 9427305559
વેચવાનો છે. પ્લોટ 1500 વારનો, સાકેત- 1. મકરબા. 9825077799
For Sale Plot 600 Sq. yd Makarba 88660 47411
